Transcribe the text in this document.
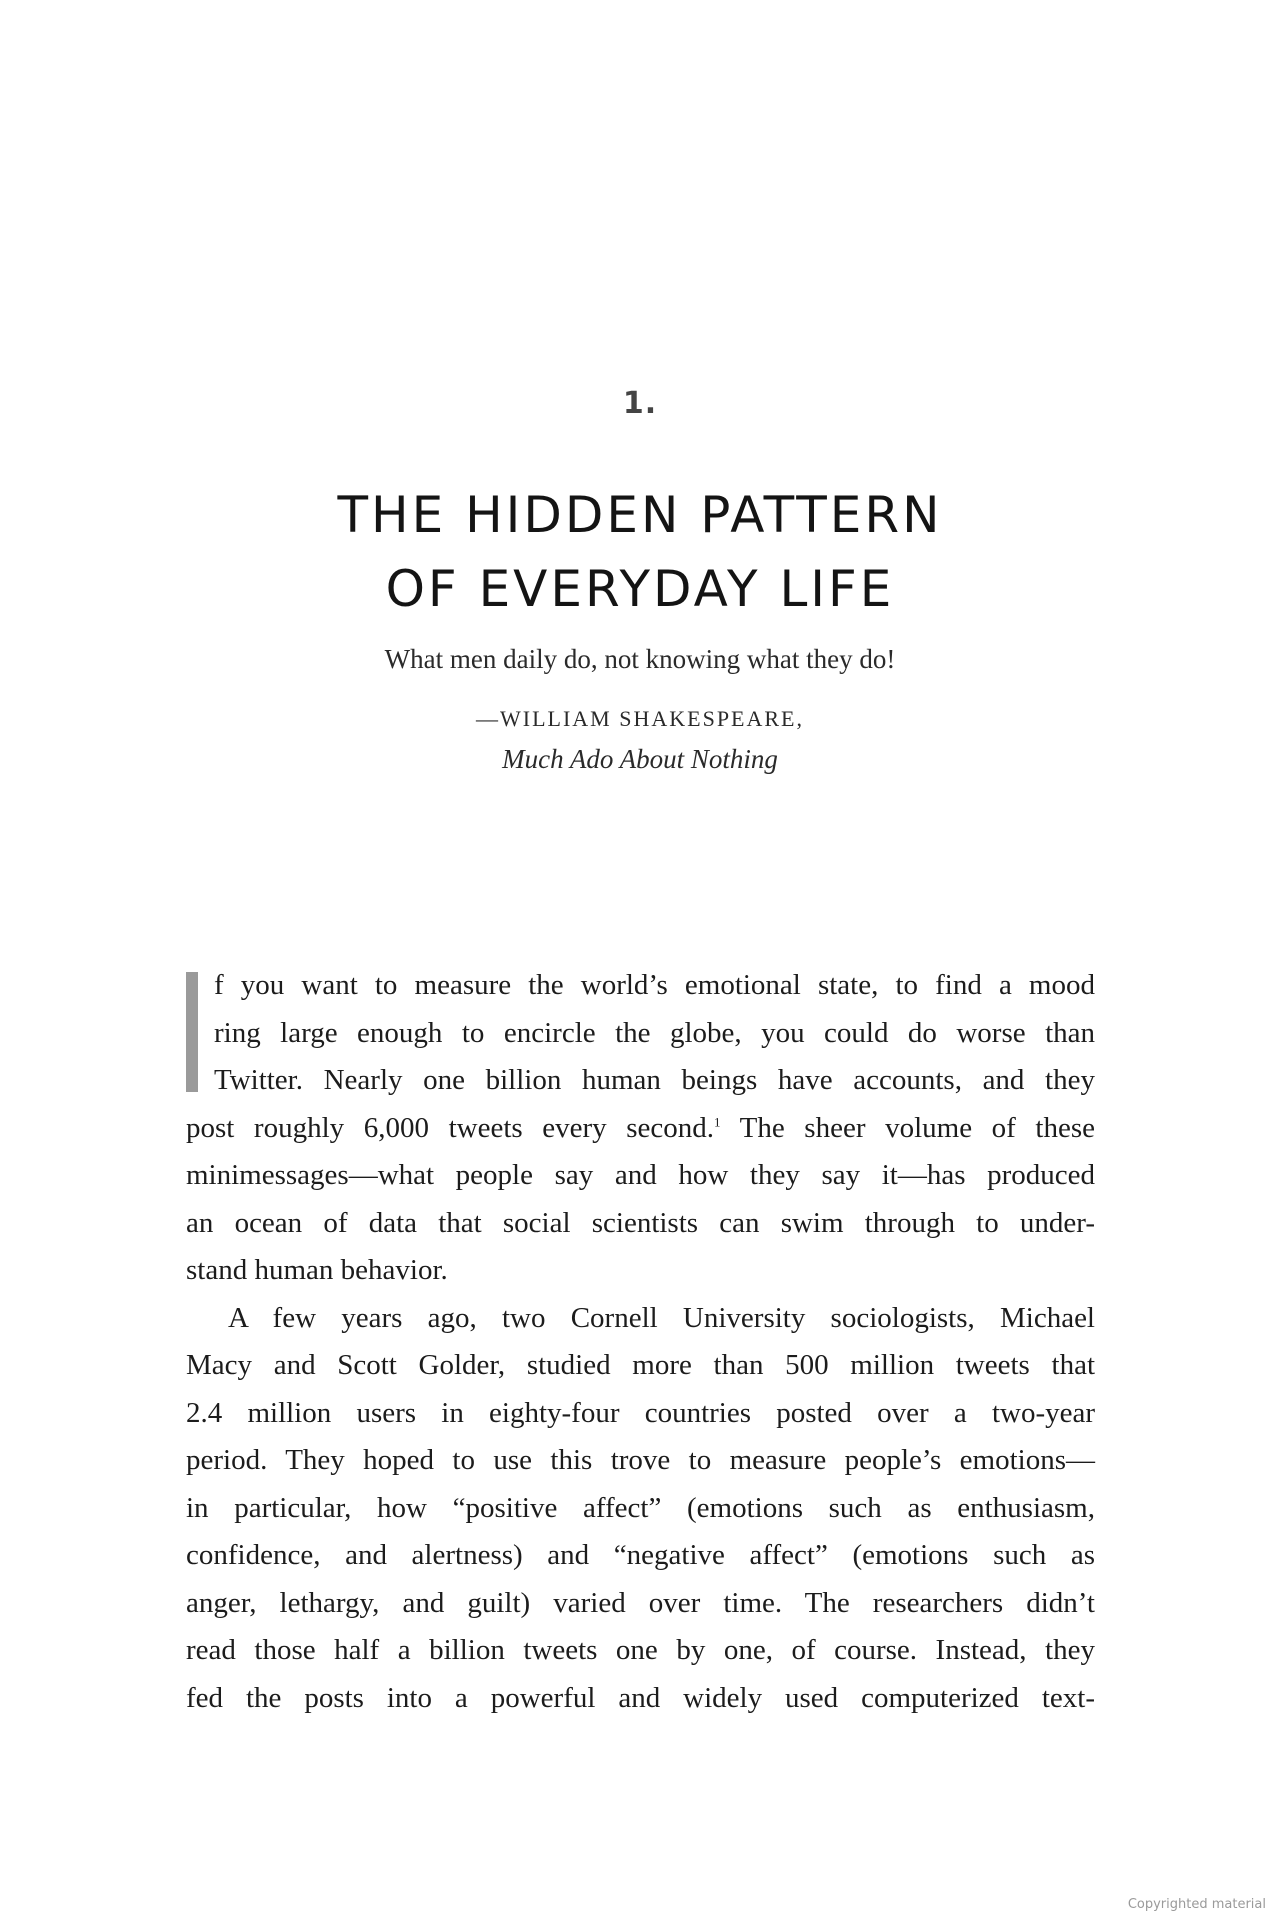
1.
THE HIDDEN PATTERN
OF EVERYDAY LIFE
What men daily do, not knowing what they do!
—WILLIAM SHAKESPEARE,
Much Ado About Nothing
f you want to measure the world’s emotional state, to find a mood
ring large enough to encircle the globe, you could do worse than
Twitter. Nearly one billion human beings have accounts, and they
post roughly 6,000 tweets every second.$^1$ The sheer volume of these
minimessages—what people say and how they say it—has produced
an ocean of data that social scientists can swim through to under-
stand human behavior.
A few years ago, two Cornell University sociologists, Michael
Macy and Scott Golder, studied more than 500 million tweets that
2.4 million users in eighty-four countries posted over a two-year
period. They hoped to use this trove to measure people’s emotions—
in particular, how “positive affect” (emotions such as enthusiasm,
confidence, and alertness) and “negative affect” (emotions such as
anger, lethargy, and guilt) varied over time. The researchers didn’t
read those half a billion tweets one by one, of course. Instead, they
fed the posts into a powerful and widely used computerized text-
Copyrighted material
